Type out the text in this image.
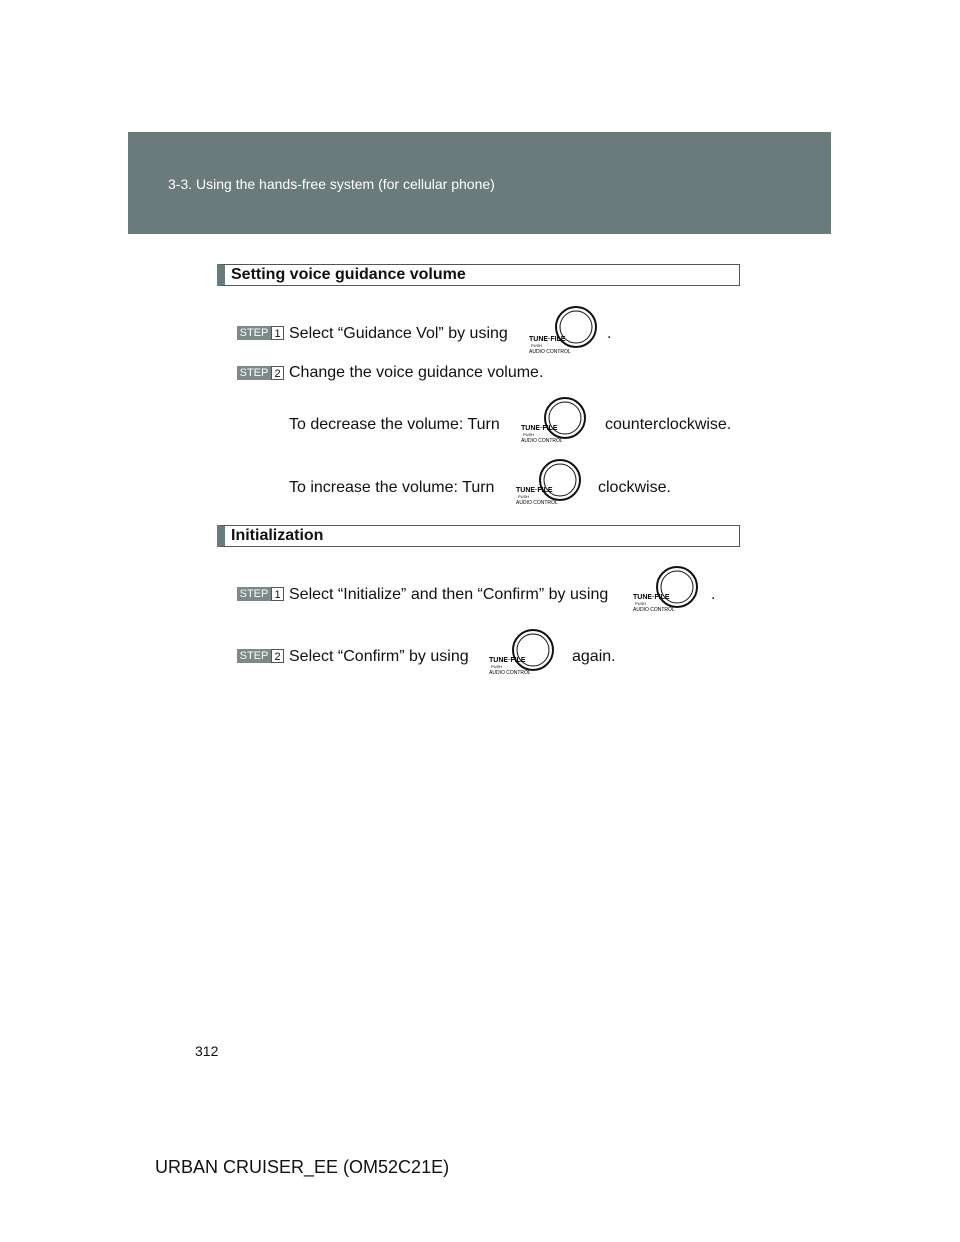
3-3. Using the hands-free system (for cellular phone)
Setting voice guidance volume
STEP 1 Select “Guidance Vol” by using	TUNE·FILE
PUSH
AUDIO CONTROL
.
STEP 2 Change the voice guidance volume.
To decrease the volume: Turn	TUNE·FILE
PUSH
AUDIO CONTROL
counterclockwise.
To increase the volume: Turn	TUNE·FILE
PUSH
AUDIO CONTROL
clockwise.
Initialization
STEP 1 Select “Initialize” and then “Confirm” by using	TUNE·FILE
PUSH
AUDIO CONTROL
.
STEP 2 Select “Confirm” by using	TUNE·FILE
PUSH
AUDIO CONTROL
again.
312
URBAN CRUISER_EE (OM52C21E)
